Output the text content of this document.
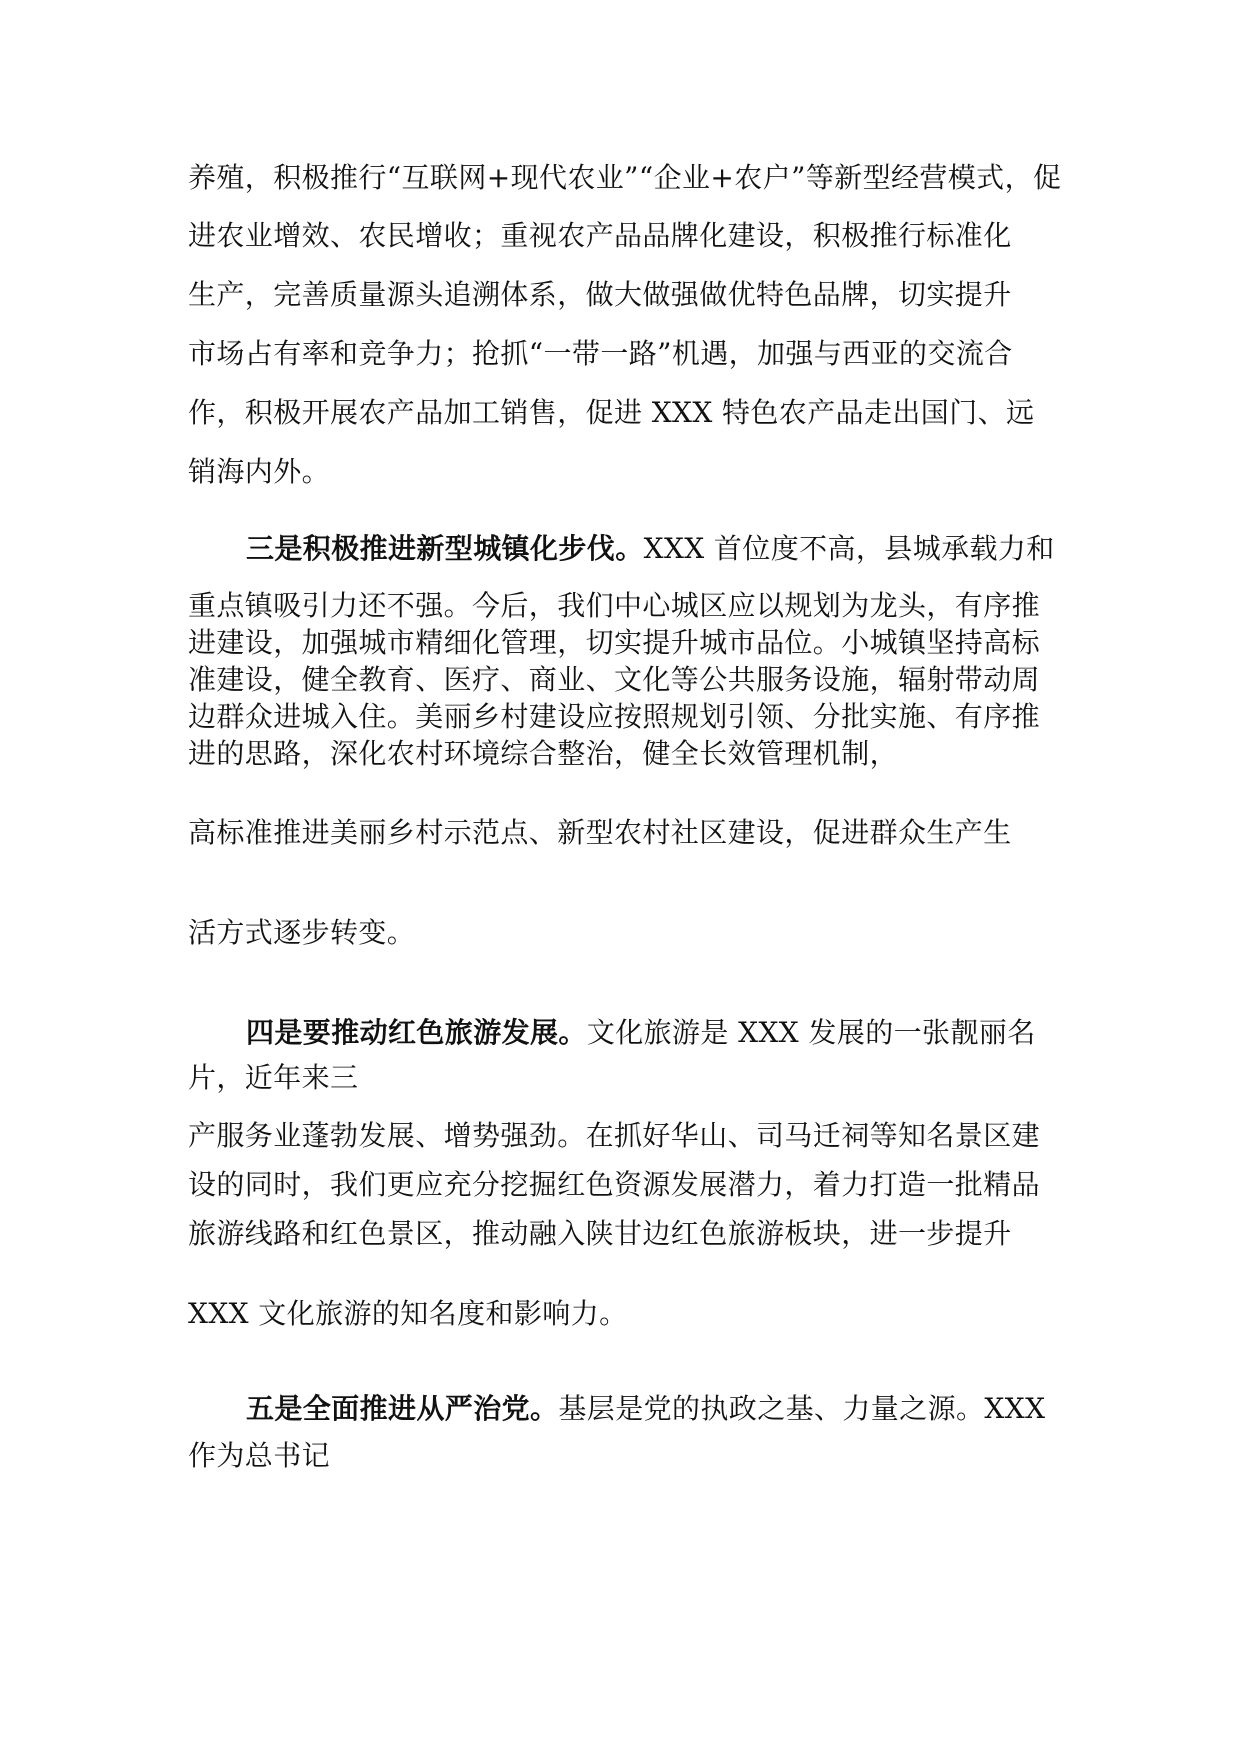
养殖，积极推行“互联网+现代农业”“企业+农户”等新型经营模式，促
进农业增效、农民增收；重视农产品品牌化建设，积极推行标准化
生产，完善质量源头追溯体系，做大做强做优特色品牌，切实提升
市场占有率和竞争力；抢抓“一带一路”机遇，加强与西亚的交流合
作，积极开展农产品加工销售，促进 XXX 特色农产品走出国门、远
销海内外。
三是积极推进新型城镇化步伐。XXX 首位度不高，县城承载力和
重点镇吸引力还不强。今后，我们中心城区应以规划为龙头，有序推
进建设，加强城市精细化管理，切实提升城市品位。小城镇坚持高标
准建设，健全教育、医疗、商业、文化等公共服务设施，辐射带动周
边群众进城入住。美丽乡村建设应按照规划引领、分批实施、有序推
进的思路，深化农村环境综合整治，健全长效管理机制，
高标准推进美丽乡村示范点、新型农村社区建设，促进群众生产生
活方式逐步转变。
四是要推动红色旅游发展。文化旅游是 XXX 发展的一张靓丽名
片，近年来三
产服务业蓬勃发展、增势强劲。在抓好华山、司马迁祠等知名景区建
设的同时，我们更应充分挖掘红色资源发展潜力，着力打造一批精品
旅游线路和红色景区，推动融入陕甘边红色旅游板块，进一步提升
XXX 文化旅游的知名度和影响力。
五是全面推进从严治党。基层是党的执政之基、力量之源。XXX
作为总书记
